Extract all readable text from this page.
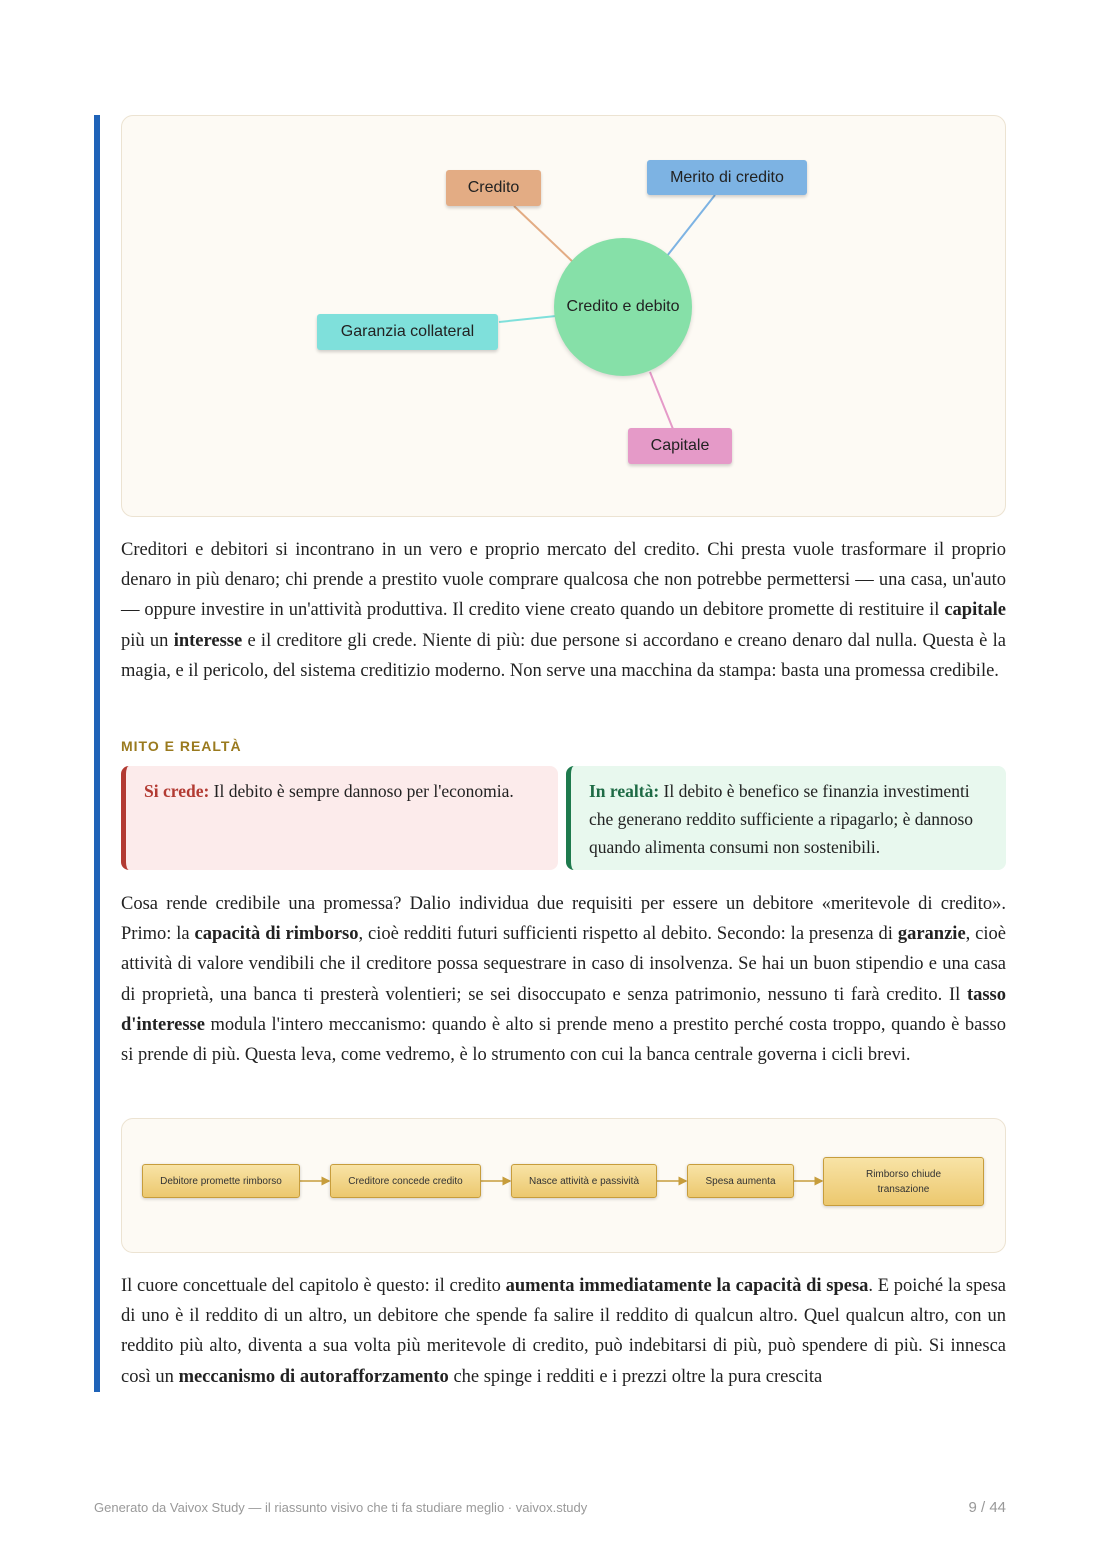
Credito
Merito di credito
Garanzia collateral
Capitale
Credito e debito

Creditori e debitori si incontrano in un vero e proprio mercato del credito. Chi presta vuole trasformare il proprio denaro in più denaro; chi prende a prestito vuole comprare qualcosa che non potrebbe permettersi — una casa, un'auto — oppure investire in un'attività produttiva. Il credito viene creato quando un debitore promette di restituire il capitale più un interesse e il creditore gli crede. Niente di più: due persone si accordano e creano denaro dal nulla. Questa è la magia, e il pericolo, del sistema creditizio moderno. Non serve una macchina da stampa: basta una promessa credibile.

MITO E REALTÀ
Si crede: Il debito è sempre dannoso per l'economia.	In realtà: Il debito è benefico se finanzia investimenti che generano reddito sufficiente a ripagarlo; è dannoso quando alimenta consumi non sostenibili.

Cosa rende credibile una promessa? Dalio individua due requisiti per essere un debitore «meritevole di credito». Primo: la capacità di rimborso, cioè redditi futuri sufficienti rispetto al debito. Secondo: la presenza di garanzie, cioè attività di valore vendibili che il creditore possa sequestrare in caso di insolvenza. Se hai un buon stipendio e una casa di proprietà, una banca ti presterà volentieri; se sei disoccupato e senza patrimonio, nessuno ti farà credito. Il tasso d'interesse modula l'intero meccanismo: quando è alto si prende meno a prestito perché costa troppo, quando è basso si prende di più. Questa leva, come vedremo, è lo strumento con cui la banca centrale governa i cicli brevi.

Debitore promette rimborso	Creditore concede credito	Nasce attività e passività	Spesa aumenta
Rimborso chiude transazione

Il cuore concettuale del capitolo è questo: il credito aumenta immediatamente la capacità di spesa. E poiché la spesa di uno è il reddito di un altro, un debitore che spende fa salire il reddito di qualcun altro. Quel qualcun altro, con un reddito più alto, diventa a sua volta più meritevole di credito, può indebitarsi di più, può spendere di più. Si innesca così un meccanismo di autorafforzamento che spinge i redditi e i prezzi oltre la pura crescita

Generato da Vaivox Study — il riassunto visivo che ti fa studiare meglio · vaivox.study	9 / 44
